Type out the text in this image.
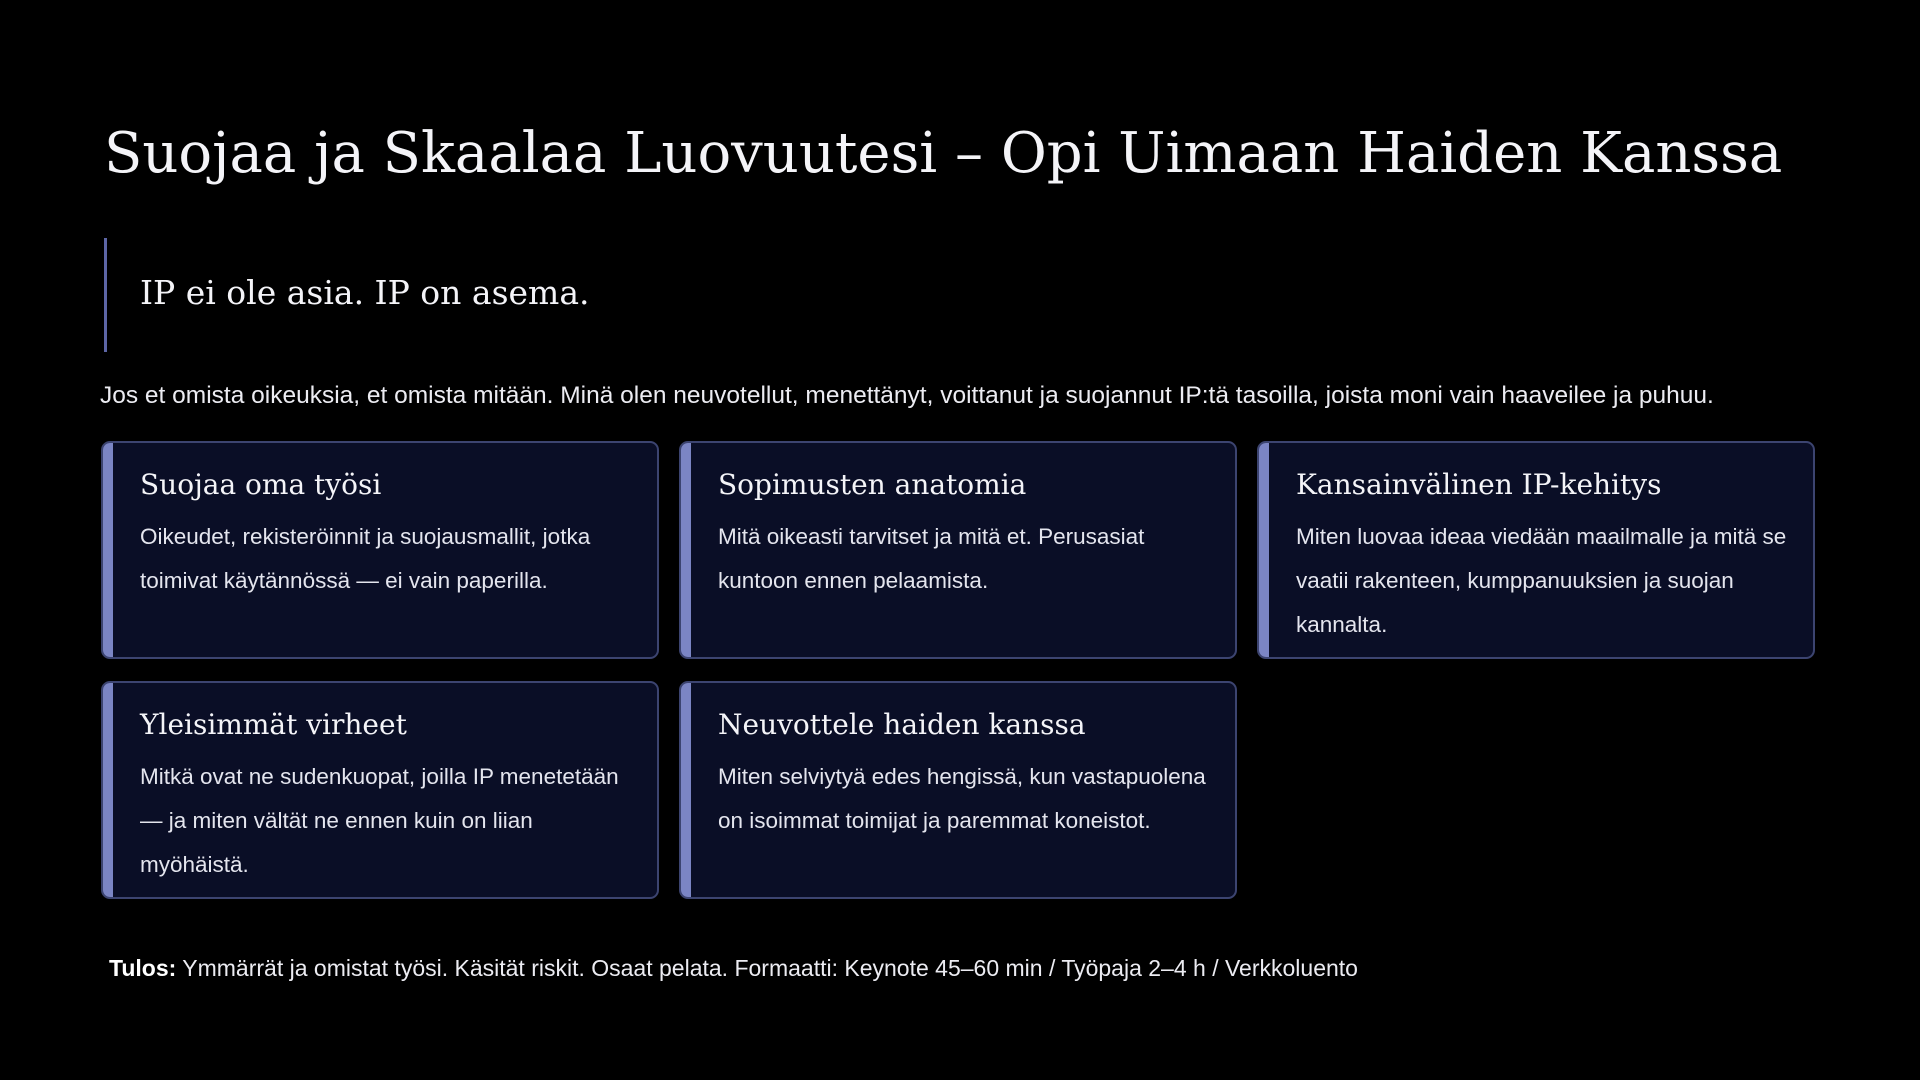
Suojaa ja Skaalaa Luovuutesi – Opi Uimaan Haiden Kanssa
IP ei ole asia. IP on asema.
Jos et omista oikeuksia, et omista mitään. Minä olen neuvotellut, menettänyt, voittanut ja suojannut IP:tä tasoilla, joista moni vain haaveilee ja puhuu.
Suojaa oma työsi
Oikeudet, rekisteröinnit ja suojausmallit, jotka toimivat käytännössä — ei vain paperilla.
Sopimusten anatomia
Mitä oikeasti tarvitset ja mitä et. Perusasiat kuntoon ennen pelaamista.
Kansainvälinen IP-kehitys
Miten luovaa ideaa viedään maailmalle ja mitä se vaatii rakenteen, kumppanuuksien ja suojan kannalta.
Yleisimmät virheet
Mitkä ovat ne sudenkuopat, joilla IP menetetään — ja miten vältät ne ennen kuin on liian myöhäistä.
Neuvottele haiden kanssa
Miten selviytyä edes hengissä, kun vastapuolena on isoimmat toimijat ja paremmat koneistot.
Tulos: Ymmärrät ja omistat työsi. Käsität riskit. Osaat pelata. Formaatti: Keynote 45–60 min / Työpaja 2–4 h / Verkkoluento
